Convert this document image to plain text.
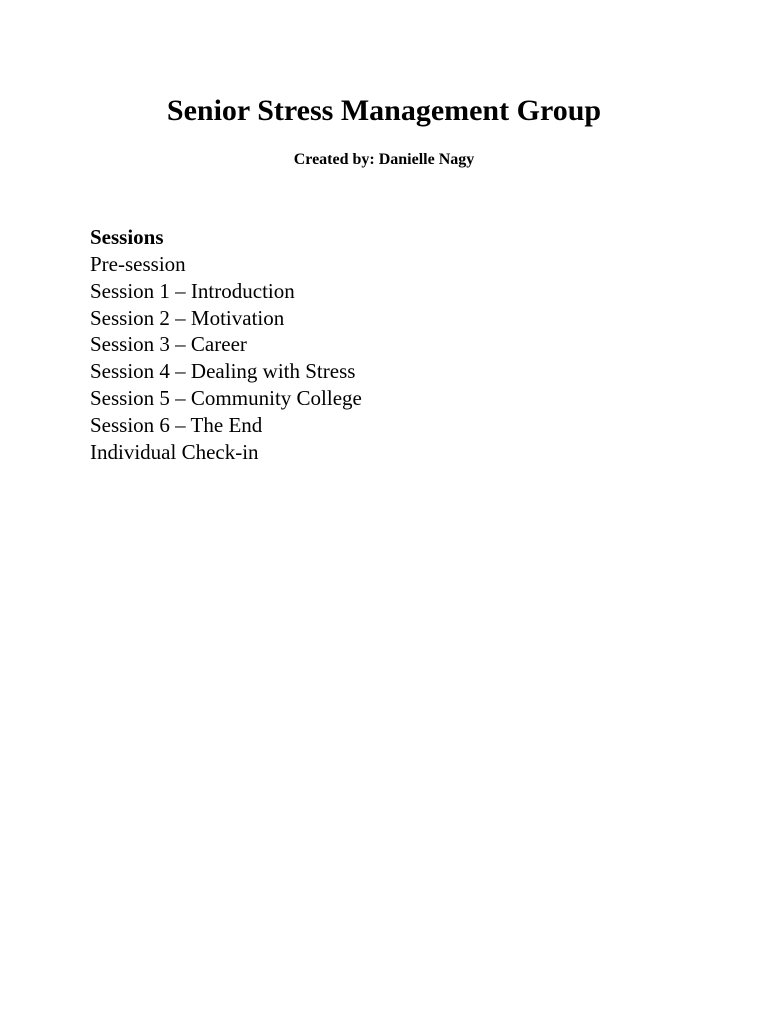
Senior Stress Management Group

Created by: Danielle Nagy

Sessions

Pre-session
Session 1 – Introduction
Session 2 – Motivation
Session 3 – Career
Session 4 – Dealing with Stress
Session 5 – Community College
Session 6 – The End
Individual Check-in
